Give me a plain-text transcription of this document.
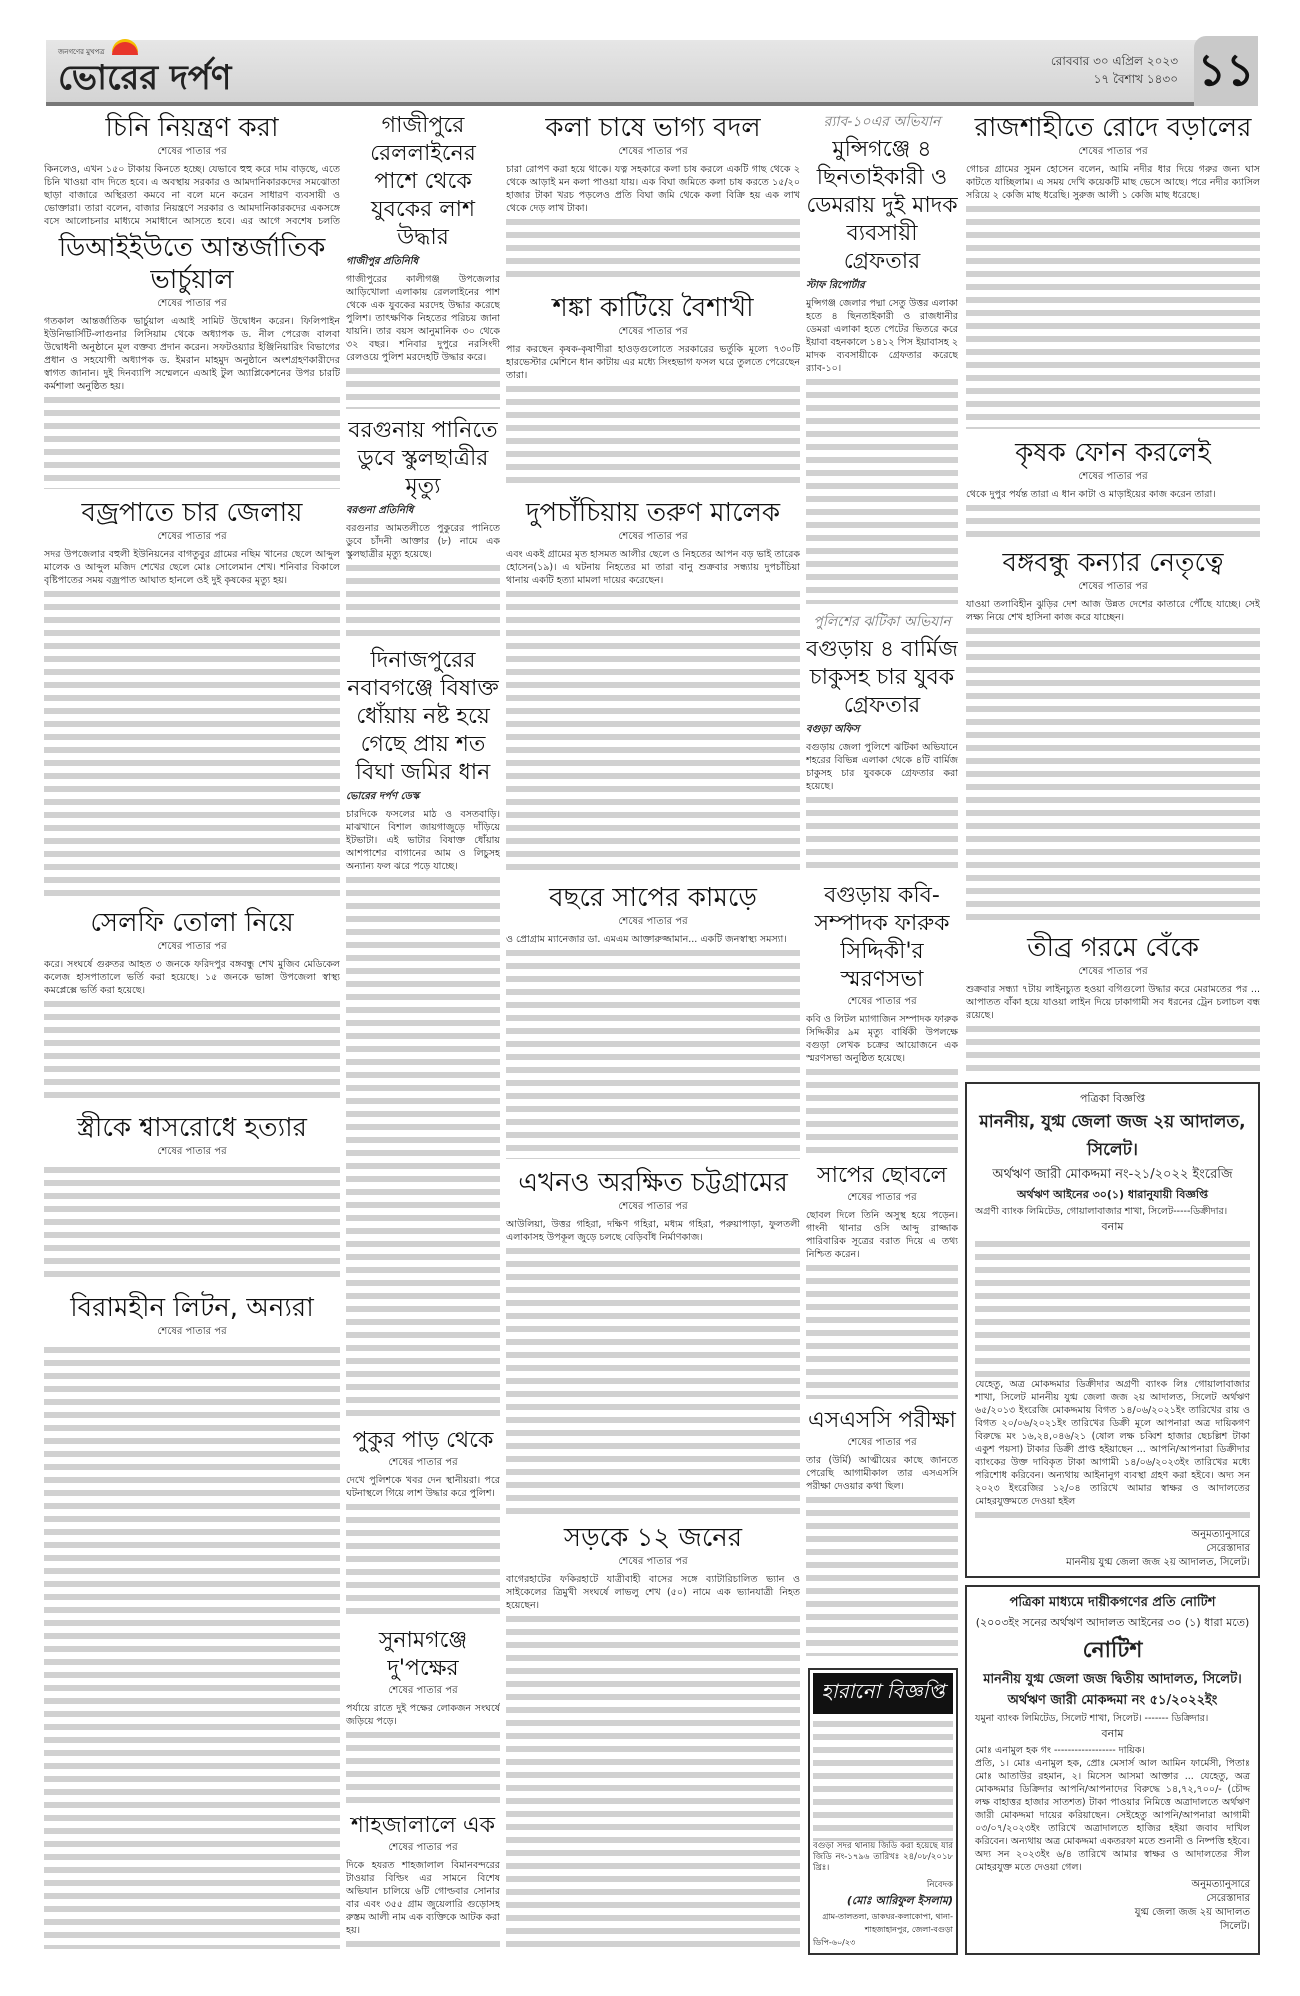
জনগণের মুখপত্র
ভোরের দর্পণ	রোববার ৩০ এপ্রিল ২০২৩
১৭ বৈশাখ ১৪৩০ ১১
চিনি নিয়ন্ত্রণ করা
শেষের পাতার পর

কিনলেও, এখন ১৫০ টাকায় কিনতে হচ্ছে। যেভাবে হুহু করে দাম বাড়ছে, এতে চিনি খাওয়া বাদ দিতে হবে। এ অবস্থায় সরকার ও আমদানিকারকদের সমঝোতা ছাড়া বাজারে অস্থিরতা কমবে না বলে মনে করেন সাধারণ ব্যবসায়ী ও ভোক্তারা। তারা বলেন, বাজার নিয়ন্ত্রণে সরকার ও আমদানিকারকদের একসঙ্গে বসে আলোচনার মাধ্যমে সমাধানে আসতে হবে। এর আগে সবশেষ চলতি

ডিআইইউতে আন্তর্জাতিক ভার্চুয়াল
শেষের পাতার পর

গতকাল আন্তর্জাতিক ভার্চুয়াল এআই সামিট উদ্বোধন করেন। ফিলিপাইন ইউনিভার্সিটি-লাগুনার লিসিয়াম থেকে অধ্যাপক ড. নীল পেরেজ বালবা উদ্বোধনী অনুষ্ঠানে মূল বক্তব্য প্রদান করেন। সফটওয়্যার ইঞ্জিনিয়ারিং বিভাগের প্রধান ও সহযোগী অধ্যাপক ড. ইমরান মাহমুদ অনুষ্ঠানে অংশগ্রহণকারীদের স্বাগত জানান। দুই দিনব্যাপি সম্মেলনে এআই টুল অ্যাপ্লিকেশনের উপর চারটি কর্মশালা অনুষ্ঠিত হয়।

বজ্রপাতে চার জেলায়
শেষের পাতার পর

সদর উপজেলার বহুলী ইউনিয়নের বাগতুবুর গ্রামের নছিম খানের ছেলে আব্দুল মালেক ও আব্দুল মজিদ শেখের ছেলে মোঃ সোলেমান শেখ। শনিবার বিকালে বৃষ্টিপাতের সময় বজ্রপাত আঘাত হানলে ওই দুই কৃষকের মৃত্যু হয়।

সেলফি তোলা নিয়ে
শেষের পাতার পর

করে। সংঘর্ষে গুরুতর আহত ৩ জনকে ফরিদপুর বঙ্গবন্ধু শেখ মুজিব মেডিকেল কলেজ হাসপাতালে ভর্তি করা হয়েছে। ১৫ জনকে ভাঙ্গা উপজেলা স্বাস্থ্য কমপ্লেক্সে ভর্তি করা হয়েছে।

স্ত্রীকে শ্বাসরোধে হত্যার
শেষের পাতার পর
বিরামহীন লিটন, অন্যরা
শেষের পাতার পর
গাজীপুরে রেললাইনের পাশে থেকে যুবকের লাশ উদ্ধার
গাজীপুর প্রতিনিধি

গাজীপুরের কালীগঞ্জ উপজেলার আড়িখোলা এলাকায় রেললাইনের পাশ থেকে এক যুবকের মরদেহ উদ্ধার করেছে পুলিশ। তাৎক্ষণিক নিহতের পরিচয় জানা যায়নি। তার বয়স আনুমানিক ৩০ থেকে ৩২ বছর। শনিবার দুপুরে নরসিংদী রেলওয়ে পুলিশ মরদেহটি উদ্ধার করে।

বরগুনায় পানিতে ডুবে স্কুলছাত্রীর মৃত্যু
বরগুনা প্রতিনিধি

বরগুনার আমতলীতে পুকুরের পানিতে ডুবে চাঁদনী আক্তার (৮) নামে এক স্কুলছাত্রীর মৃত্যু হয়েছে।

দিনাজপুরের নবাবগঞ্জে বিষাক্ত ধোঁয়ায় নষ্ট হয়ে গেছে প্রায় শত বিঘা জমির ধান
ভোরের দর্পণ ডেস্ক

চারদিকে ফসলের মাঠ ও বসতবাড়ি। মাঝখানে বিশাল জায়গাজুড়ে দাঁড়িয়ে ইটভাটা। এই ভাটার বিষাক্ত ধোঁয়ায় আশপাশের বাগানের আম ও লিচুসহ অন্যান্য ফল ঝরে পড়ে যাচ্ছে।

পুকুর পাড় থেকে
শেষের পাতার পর

দেখে পুলিশকে খবর দেন স্থানীয়রা। পরে ঘটনাস্থলে গিয়ে লাশ উদ্ধার করে পুলিশ।

সুনামগঞ্জে দু'পক্ষের
শেষের পাতার পর

পর্যায়ে রাতে দুই পক্ষের লোকজন সংঘর্ষে জড়িয়ে পড়ে।

শাহজালালে এক
শেষের পাতার পর

দিকে হযরত শাহজালাল বিমানবন্দরের টাওয়ার বিল্ডিং এর সামনে বিশেষ অভিযান চালিয়ে ৬টি গোল্ডবার সোনার বার এবং ৩৫৫ গ্রাম জুয়েলারি গুড়োসহ রুস্তম আলী নাম এক ব্যক্তিকে আটক করা হয়।

কলা চাষে ভাগ্য বদল
শেষের পাতার পর

চারা রোপণ করা হয়ে থাকে। যত্ন সহকারে কলা চাষ করলে একটি গাছ থেকে ২ থেকে আড়াই মন কলা পাওয়া যায়। এক বিঘা জমিতে কলা চাষ করতে ১৫/২০ হাজার টাকা খরচ পড়লেও প্রতি বিঘা জমি থেকে কলা বিক্রি হয় এক লাখ থেকে দেড় লাখ টাকা।

শঙ্কা কাটিয়ে বৈশাখী
শেষের পাতার পর

পার করছেন কৃষক-কৃষাণীরা হাওড়গুলোতে সরকারের ভর্তুকি মূল্যে ৭৩০টি হারভেস্টার মেশিনে ধান কাটায় এর মধ্যে সিংহভাগ ফসল ঘরে তুলতে পেরেছেন তারা।

দুপচাঁচিয়ায় তরুণ মালেক
শেষের পাতার পর

এবং একই গ্রামের মৃত হাসমত আলীর ছেলে ও নিহতের আপন বড় ভাই তারেক হোসেন(১৯)। এ ঘটনায় নিহতের মা তারা বানু শুক্রবার সন্ধ্যায় দুপচাঁচিয়া থানায় একটি হত্যা মামলা দায়ের করেছেন।

বছরে সাপের কামড়ে
শেষের পাতার পর

ও প্রোগ্রাম ম্যানেজার ডা. এমএম আক্তারুজ্জামান... একটি জনস্বাস্থ্য সমস্যা।

এখনও অরক্ষিত চট্টগ্রামের
শেষের পাতার পর

আউলিয়া, উত্তর গহিরা, দক্ষিণ গহিরা, মধ্যম গহিরা, পরুয়াপাড়া, ফুলতলী এলাকাসহ উপকূল জুড়ে চলছে বেড়িবাঁধ নির্মাণকাজ।

সড়কে ১২ জনের
শেষের পাতার পর

বাগেরহাটের ফকিরহাটে যাত্রীবাহী বাসের সঙ্গে ব্যাটারিচালিত ভ্যান ও সাইকেলের ত্রিমুখী সংঘর্ষে লাভলু শেখ (৫০) নামে এক ভ্যানযাত্রী নিহত হয়েছেন।

র‍্যাব-১০এর অভিযান
মুন্সিগঞ্জে ৪ ছিনতাইকারী ও ডেমরায় দুই মাদক ব্যবসায়ী গ্রেফতার
স্টাফ রিপোর্টার

মুন্সিগঞ্জ জেলার পদ্মা সেতু উত্তর এলাকা হতে ৪ ছিনতাইকারী ও রাজধানীর ডেমরা এলাকা হতে পেটের ভিতরে করে ইয়াবা বহনকালে ১৪১২ পিস ইয়াবাসহ ২ মাদক ব্যবসায়ীকে গ্রেফতার করেছে র‍্যাব-১০।

পুলিশের ঝটিকা অভিযান
বগুড়ায় ৪ বার্মিজ চাকুসহ চার যুবক গ্রেফতার
বগুড়া অফিস

বগুড়ায় জেলা পুলিশে ঝটিকা অভিযানে শহরের বিভিন্ন এলাকা থেকে ৪টি বার্মিজ চাকুসহ চার যুবককে গ্রেফতার করা হয়েছে।

বগুড়ায় কবি-সম্পাদক ফারুক সিদ্দিকী'র স্মরণসভা
শেষের পাতার পর

কবি ও লিটল ম্যাগাজিন সম্পাদক ফারুক সিদ্দিকীর ৯ম মৃত্যু বার্ষিকী উপলক্ষে বগুড়া লেখক চক্রের আয়োজনে এক স্মরণসভা অনুষ্ঠিত হয়েছে।

সাপের ছোবলে
শেষের পাতার পর

ছোবল দিলে তিনি অসুস্থ হয়ে পড়েন। গাংনী থানার ওসি আব্দু রাজ্জাক পারিবারিক সূত্রের বরাত দিয়ে এ তথ্য নিশ্চিত করেন।

এসএসসি পরীক্ষা
শেষের পাতার পর

তার (উর্মি) আত্মীয়ের কাছে জানতে পেরেছি আগামীকাল তার এসএসসি পরীক্ষা দেওয়ার কথা ছিল।

রাজশাহীতে রোদে বড়ালের
শেষের পাতার পর

গোচর গ্রামের সুমন হোসেন বলেন, আমি নদীর ধার দিয়ে গরুর জন্য ঘাস কাটতে যাচ্ছিলাম। এ সময় দেখি কয়েকটি মাছ ভেসে আছে। পরে নদীর ক্যাসিল সরিয়ে ২ কেজি মাছ ধরেছি। সুরুজ আলী ১ কেজি মাছ ধরেছে।

কৃষক ফোন করলেই
শেষের পাতার পর

থেকে দুপুর পর্যন্ত তারা এ ধান কাটা ও মাড়াইয়ের কাজ করেন তারা।

বঙ্গবন্ধু কন্যার নেতৃত্বে
শেষের পাতার পর

যাওয়া তলাবিহীন ঝুড়ির দেশ আজ উন্নত দেশের কাতারে পৌঁছে যাচ্ছে। সেই লক্ষ্য নিয়ে শেখ হাসিনা কাজ করে যাচ্ছেন।

তীব্র গরমে বেঁকে
শেষের পাতার পর

শুক্রবার সন্ধ্যা ৭টায় লাইনচ্যুত হওয়া বগিগুলো উদ্ধার করে মেরামতের পর ... আপাতত বাঁকা হয়ে যাওয়া লাইন দিয়ে ঢাকাগামী সব ধরনের ট্রেন চলাচল বন্ধ রয়েছে।

পত্রিকা বিজ্ঞপ্তি
মাননীয়, যুগ্ম জেলা জজ ২য় আদালত, সিলেট।
অর্থঋণ জারী মোকদ্দমা নং-২১/২০২২ ইংরেজি
অর্থঋণ আইনের ৩০(১) ধারানুযায়ী বিজ্ঞপ্তি
অগ্রণী ব্যাংক লিমিটেড, গোয়ালাবাজার শাখা, সিলেট-----ডিক্রীদার।
বনাম

যেহেতু, অত্র মোকদ্দমার ডিক্রীদার অগ্রণী ব্যাংক লিঃ গোয়ালাবাজার শাখা, সিলেট মাননীয় যুগ্ম জেলা জজ ২য় আদালত, সিলেট অর্থঋণ ৬৫/২০১৩ ইংরেজি মোকদ্দমায় বিগত ১৪/০৬/২০২১ইং তারিখের রায় ও বিগত ২০/০৬/২০২১ইং তারিখের ডিক্রী মূলে আপনারা অত্র দায়িকগণ বিরুদ্ধে মং ১৬,২৪,০৪৬/২১ (ষোল লক্ষ চব্বিশ হাজার ছেচল্লিশ টাকা একুশ পয়সা) টাকার ডিক্রী প্রাপ্ত হইয়াছেন ... আপনি/আপনারা ডিক্রীদার ব্যাংকের উক্ত দাবিকৃত টাকা আগামী ১৪/০৬/২০২৩ইং তারিখের মধ্যে পরিশোধ করিবেন। অন্যথায় আইনানুগ ব্যবস্থা গ্রহণ করা হইবে। অদ্য সন ২০২৩ ইংরেজির ১২/০৪ তারিখে আমার স্বাক্ষর ও আদালতের মোহরযুক্তমতে দেওয়া হইল

অনুমত্যানুসারে
সেরেস্তাদার
মাননীয় যুগ্ম জেলা জজ ২য় আদালত, সিলেট।
পত্রিকা মাধ্যমে দায়ীকগণের প্রতি নোটিশ
(২০০৩ইং সনের অর্থঋণ আদালত আইনের ৩০ (১) ধারা মতে)
নোটিশ
মাননীয় যুগ্ম জেলা জজ দ্বিতীয় আদালত, সিলেট।
অর্থঋণ জারী মোকদ্দমা নং ৫১/২০২২ইং
যমুনা ব্যাংক লিমিটেড, সিলেট শাখা, সিলেট। ------- ডিক্রিদার।
বনাম
মোঃ এনামুল হক গং ------------------ দায়িক।

প্রতি, ১। মোঃ এনামুল হক, প্রোঃ মেসার্স আল আমিন ফার্মেসী, পিতাঃ মোঃ আতাউর রহমান, ২। মিসেস আসমা আক্তার ... যেহেতু, অত্র মোকদ্দমার ডিক্রিদার আপনি/আপনাদের বিরুদ্ধে ১৪,৭২,৭০০/- (চৌদ্দ লক্ষ বাহাত্তর হাজার সাতশত) টাকা পাওয়ার নিমিত্তে অত্রাদালতে অর্থঋণ জারী মোকদ্দমা দায়ের করিয়াছেন। সেইহেতু আপনি/আপনারা আগামী ০৩/০৭/২০২৩ইং তারিখে অত্রাদালতে হাজির হইয়া জবাব দাখিল করিবেন। অন্যথায় অত্র মোকদ্দমা একতরফা মতে শুনানী ও নিষ্পত্তি হইবে। অদ্য সন ২০২৩ইং ৬/৪ তারিখে আমার স্বাক্ষর ও আদালতের সীল মোহরযুক্ত মতে দেওয়া গেল।

অনুমত্যানুসারে
সেরেস্তাদার
যুগ্ম জেলা জজ ২য় আদালত
সিলেট।
হারানো বিজ্ঞপ্তি

বগুড়া সদর থানায় জিডি করা হয়েছে যার জিডি নং-১৭৯৬ তারিখঃ ২৪/০৮/২০১৮ খ্রিঃ।

নিবেদক
(মোঃ আরিফুল ইসলাম)
গ্রাম-তালতলা, ডাকঘর-কলাকোপা, থানা-শাহজাহানপুর, জেলা-বগুড়া
ডিপি-৬০/২৩
